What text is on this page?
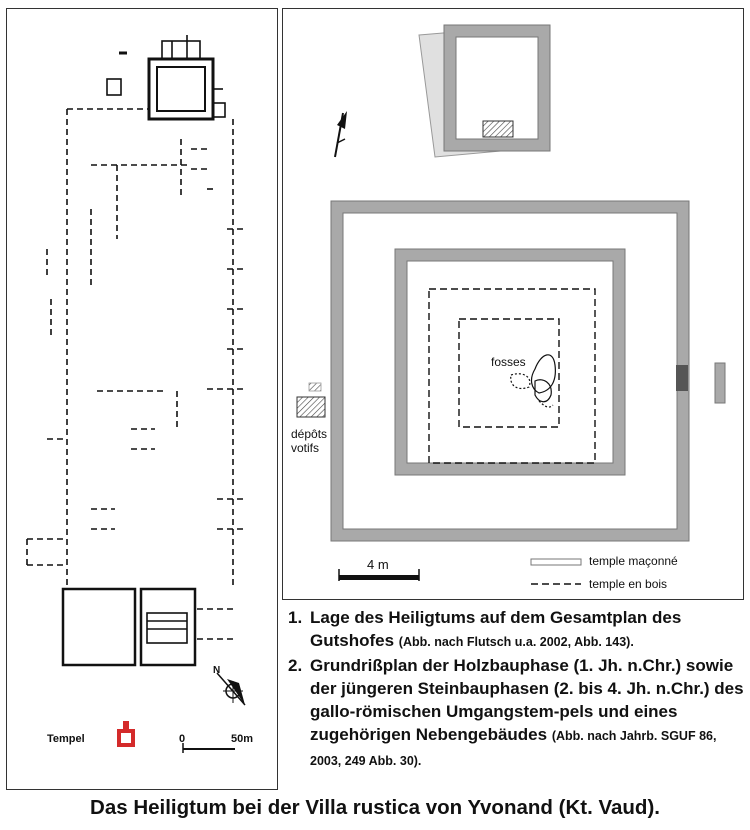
Tempel	0	50m
N
fosses
dépôts
votifs
4 m	temple maçonné
temple en bois
1. Lage des Heiligtums auf dem Gesamtplan des Gutshofes (Abb. nach Flutsch u.a. 2002, Abb. 143).
2. Grundrißplan der Holzbauphase (1. Jh. n.Chr.) sowie der jüngeren Steinbauphasen (2. bis 4. Jh. n.Chr.) des gallo-römischen Umgangstem-pels und eines zugehörigen Nebengebäudes (Abb. nach Jahrb. SGUF 86, 2003, 249 Abb. 30).
Das Heiligtum bei der Villa rustica von Yvonand (Kt. Vaud).
